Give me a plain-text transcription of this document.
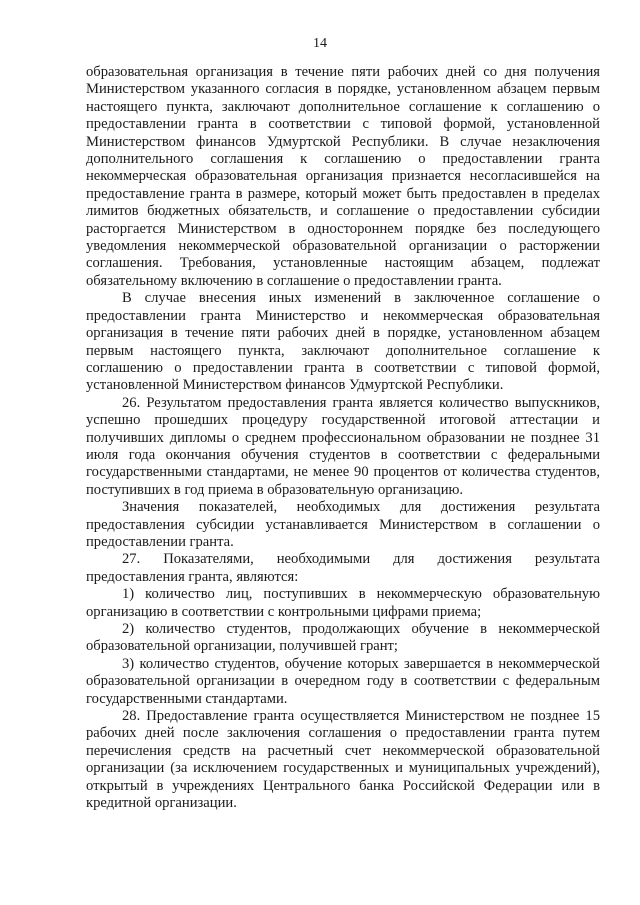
14

образовательная организация в течение пяти рабочих дней со дня получения Министерством указанного согласия в порядке, установленном абзацем первым настоящего пункта, заключают дополнительное соглашение к соглашению о предоставлении гранта в соответствии с типовой формой, установленной Министерством финансов Удмуртской Республики. В случае незаключения дополнительного соглашения к соглашению о предоставлении гранта некоммерческая образовательная организация признается несогласившейся на предоставление гранта в размере, который может быть предоставлен в пределах лимитов бюджетных обязательств, и соглашение о предоставлении субсидии расторгается Министерством в одностороннем порядке без последующего уведомления некоммерческой образовательной организации о расторжении соглашения. Требования, установленные настоящим абзацем, подлежат обязательному включению в соглашение о предоставлении гранта.

В случае внесения иных изменений в заключенное соглашение о предоставлении гранта Министерство и некоммерческая образовательная организация в течение пяти рабочих дней в порядке, установленном абзацем первым настоящего пункта, заключают дополнительное соглашение к соглашению о предоставлении гранта в соответствии с типовой формой, установленной Министерством финансов Удмуртской Республики.

26. Результатом предоставления гранта является количество выпускников, успешно прошедших процедуру государственной итоговой аттестации и получивших дипломы о среднем профессиональном образовании не позднее 31 июля года окончания обучения студентов в соответствии с федеральными государственными стандартами, не менее 90 процентов от количества студентов, поступивших в год приема в образовательную организацию.

Значения показателей, необходимых для достижения результата предоставления субсидии устанавливается Министерством в соглашении о предоставлении гранта.

27. Показателями, необходимыми для достижения результата предоставления гранта, являются:

1) количество лиц, поступивших в некоммерческую образовательную организацию в соответствии с контрольными цифрами приема;

2) количество студентов, продолжающих обучение в некоммерческой образовательной организации, получившей грант;

3) количество студентов, обучение которых завершается в некоммерческой образовательной организации в очередном году в соответствии с федеральным государственными стандартами.

28. Предоставление гранта осуществляется Министерством не позднее 15 рабочих дней после заключения соглашения о предоставлении гранта путем перечисления средств на расчетный счет некоммерческой образовательной организации (за исключением государственных и муниципальных учреждений), открытый в учреждениях Центрального банка Российской Федерации или в кредитной организации.
